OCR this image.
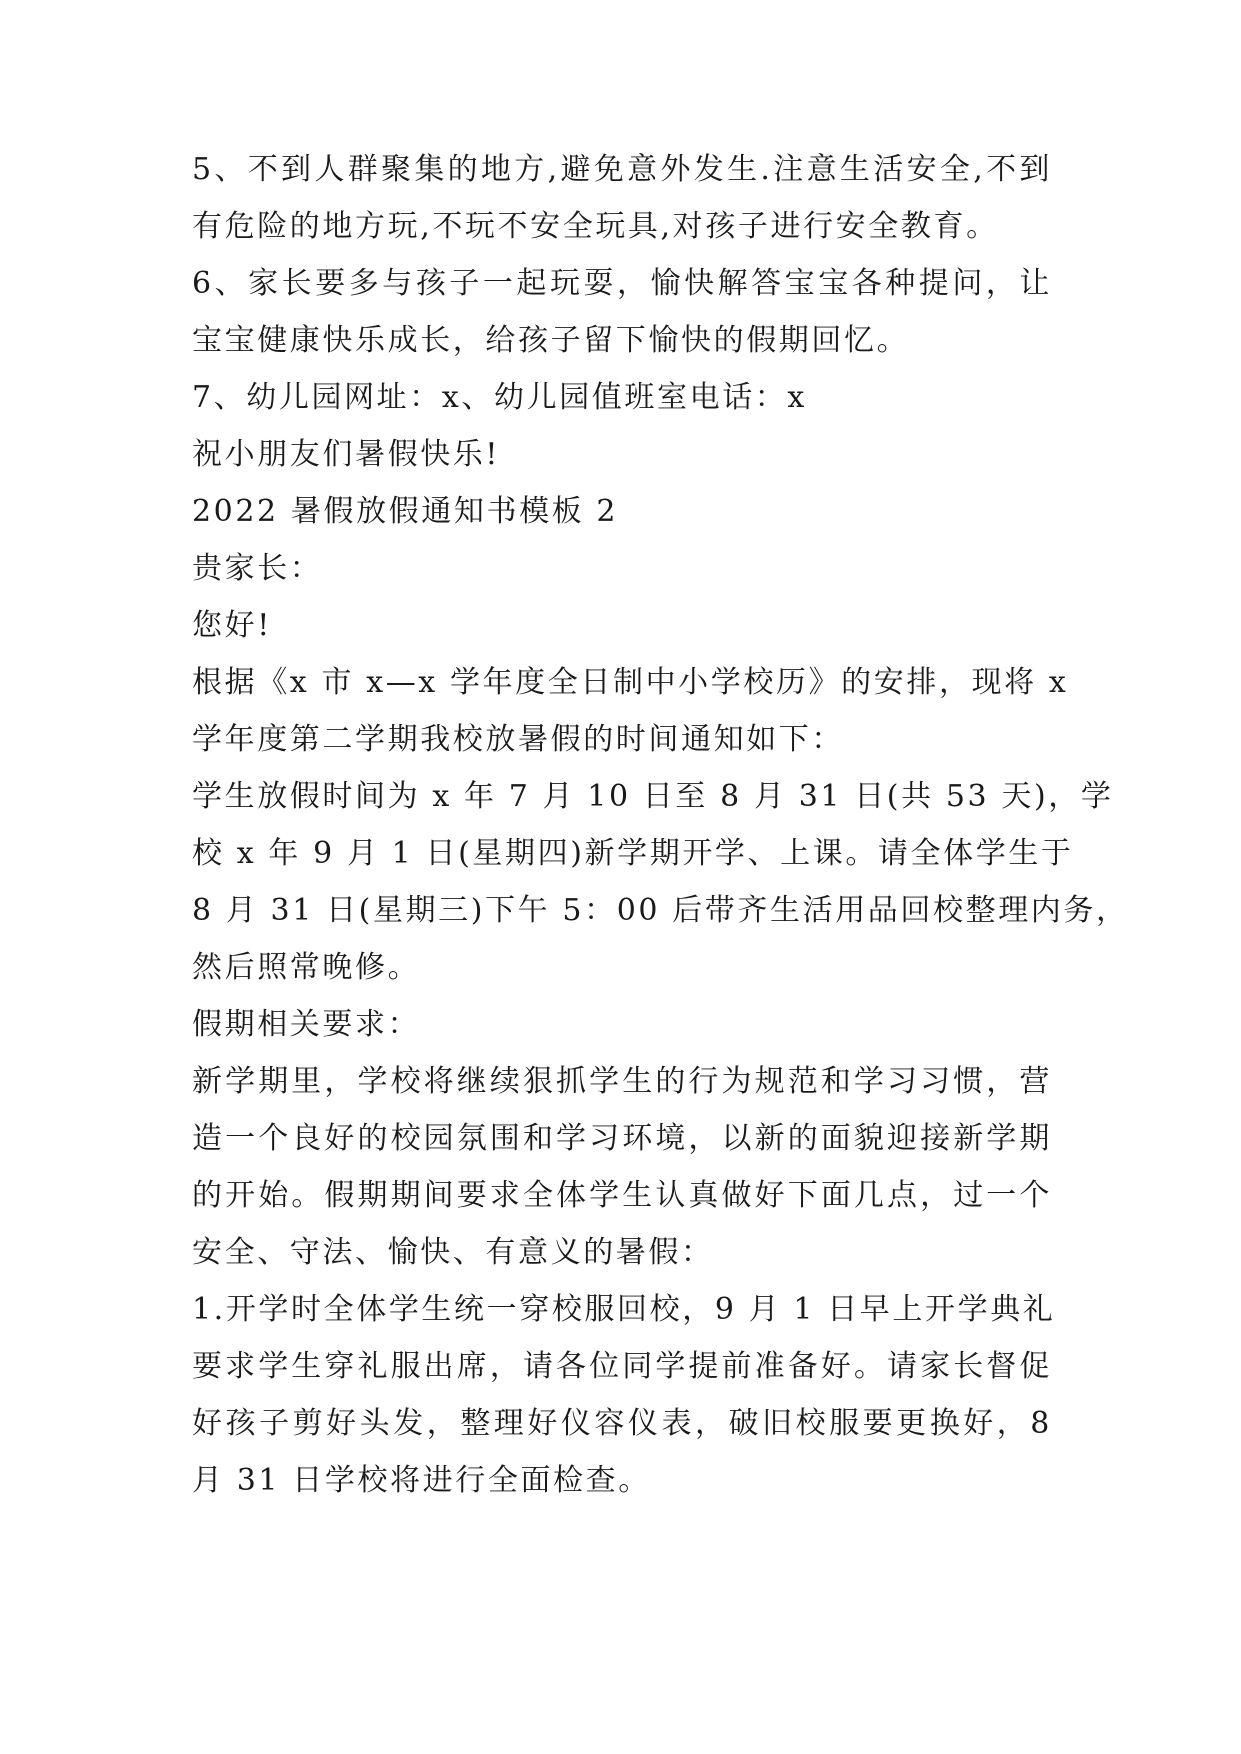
5、不到人群聚集的地方,避免意外发生.注意生活安全,不到
有危险的地方玩,不玩不安全玩具,对孩子进行安全教育。
6、家长要多与孩子一起玩耍，愉快解答宝宝各种提问，让
宝宝健康快乐成长，给孩子留下愉快的假期回忆。
7、幼儿园网址：x、幼儿园值班室电话：x
祝小朋友们暑假快乐!
2022 暑假放假通知书模板 2
贵家长：
您好!
根据《x 市 x—x 学年度全日制中小学校历》的安排，现将 x
学年度第二学期我校放暑假的时间通知如下：
学生放假时间为 x 年 7 月 10 日至 8 月 31 日(共 53 天)，学
校 x 年 9 月 1 日(星期四)新学期开学、上课。请全体学生于
8 月 31 日(星期三)下午 5：00 后带齐生活用品回校整理内务，
然后照常晚修。
假期相关要求：
新学期里，学校将继续狠抓学生的行为规范和学习习惯，营
造一个良好的校园氛围和学习环境，以新的面貌迎接新学期
的开始。假期期间要求全体学生认真做好下面几点，过一个
安全、守法、愉快、有意义的暑假：
1.开学时全体学生统一穿校服回校，9 月 1 日早上开学典礼
要求学生穿礼服出席，请各位同学提前准备好。请家长督促
好孩子剪好头发，整理好仪容仪表，破旧校服要更换好，8
月 31 日学校将进行全面检查。
